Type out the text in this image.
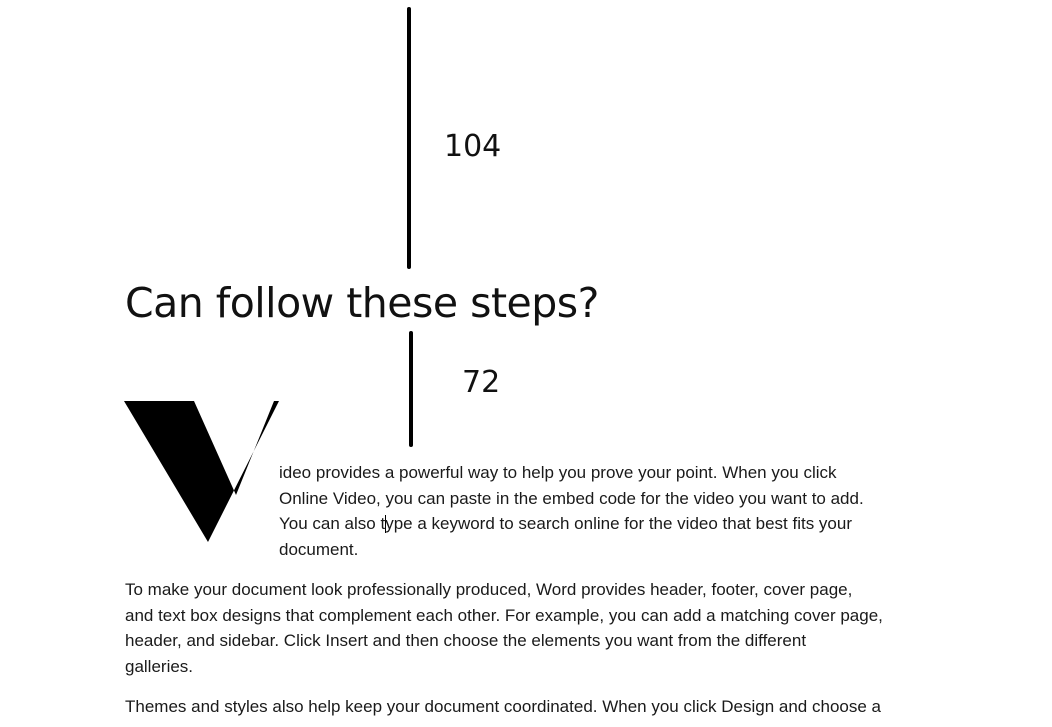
104
Can follow these steps?
72
ideo provides a powerful way to help you prove your point. When you click
Online Video, you can paste in the embed code for the video you want to add.
You can also type a keyword to search online for the video that best fits your
document.
To make your document look professionally produced, Word provides header, footer, cover page,
and text box designs that complement each other. For example, you can add a matching cover page,
header, and sidebar. Click Insert and then choose the elements you want from the different
galleries.
Themes and styles also help keep your document coordinated. When you click Design and choose a
